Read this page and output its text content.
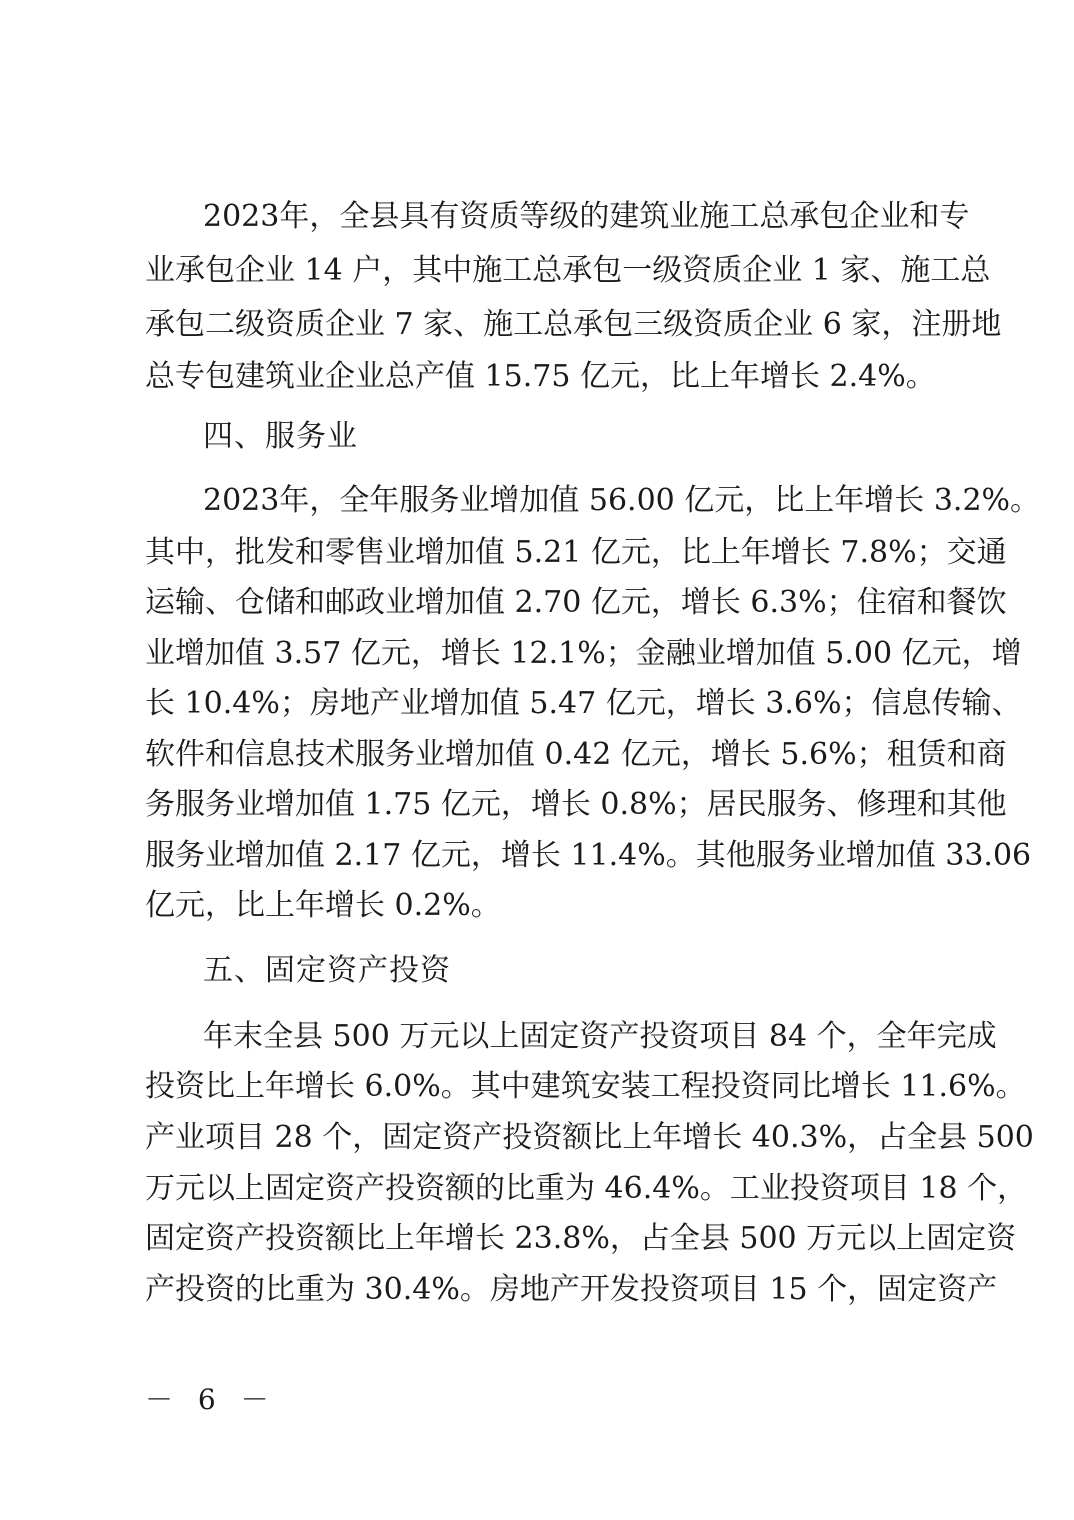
2023年，全县具有资质等级的建筑业施工总承包企业和专
业承包企业 14 户，其中施工总承包一级资质企业 1 家、施工总
承包二级资质企业 7 家、施工总承包三级资质企业 6 家，注册地
总专包建筑业企业总产值 15.75 亿元，比上年增长 2.4%。
四、服务业
2023年，全年服务业增加值 56.00 亿元，比上年增长 3.2%。
其中，批发和零售业增加值 5.21 亿元，比上年增长 7.8%；交通
运输、仓储和邮政业增加值 2.70 亿元，增长 6.3%；住宿和餐饮
业增加值 3.57 亿元，增长 12.1%；金融业增加值 5.00 亿元，增
长 10.4%；房地产业增加值 5.47 亿元，增长 3.6%；信息传输、
软件和信息技术服务业增加值 0.42 亿元，增长 5.6%；租赁和商
务服务业增加值 1.75 亿元，增长 0.8%；居民服务、修理和其他
服务业增加值 2.17 亿元，增长 11.4%。其他服务业增加值 33.06
亿元，比上年增长 0.2%。
五、固定资产投资
年末全县 500 万元以上固定资产投资项目 84 个，全年完成
投资比上年增长 6.0%。其中建筑安装工程投资同比增长 11.6%。
产业项目 28 个，固定资产投资额比上年增长 40.3%，占全县 500
万元以上固定资产投资额的比重为 46.4%。工业投资项目 18 个，
固定资产投资额比上年增长 23.8%，占全县 500 万元以上固定资
产投资的比重为 30.4%。房地产开发投资项目 15 个，固定资产
－ 6 －
